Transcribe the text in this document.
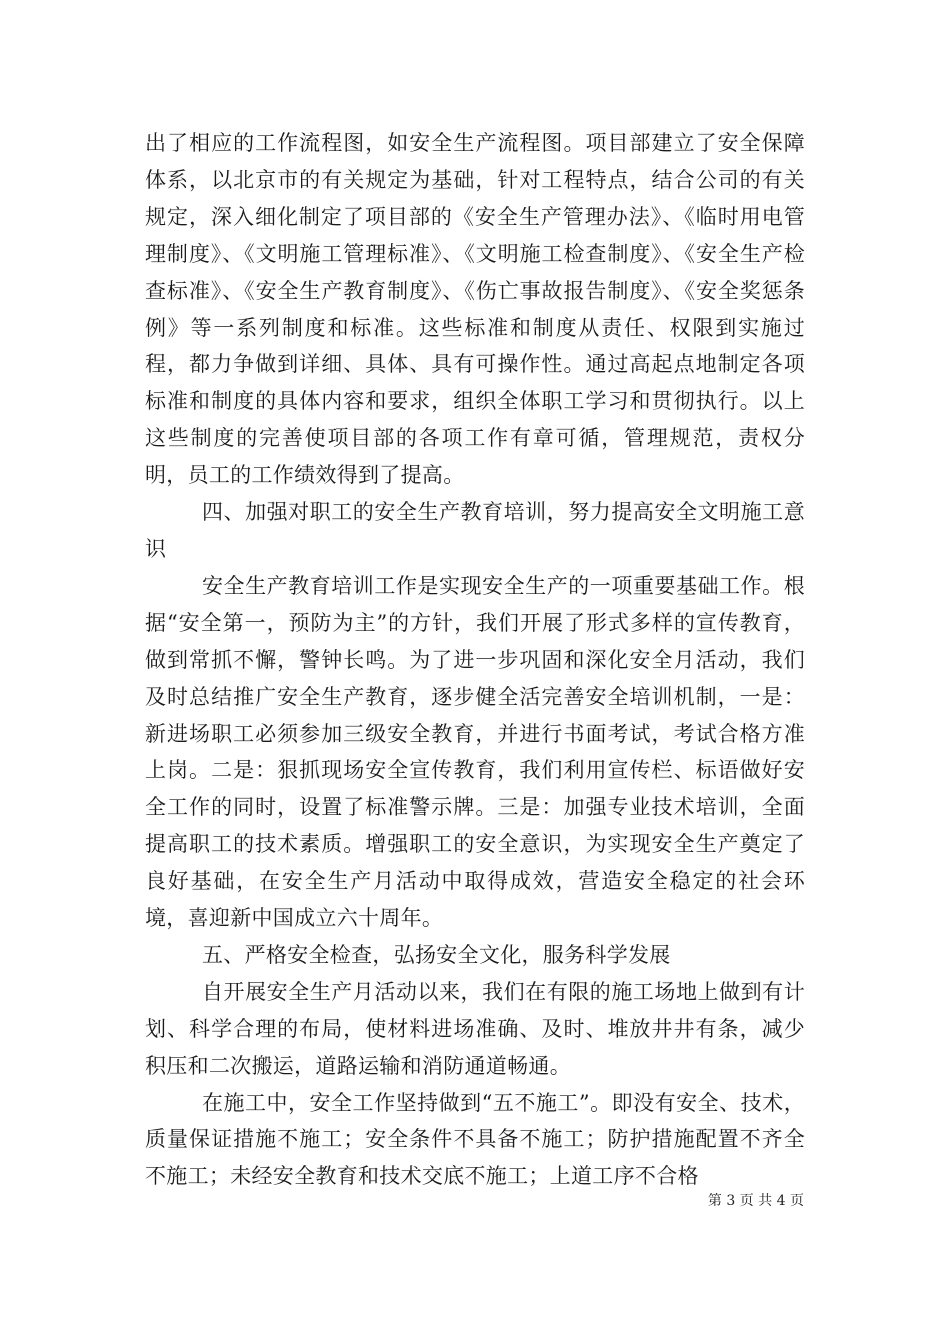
出了相应的工作流程图，如安全生产流程图。项目部建立了安全保障体系，以北京市的有关规定为基础，针对工程特点，结合公司的有关规定，深入细化制定了项目部的《安全生产管理办法》、《临时用电管理制度》、《文明施工管理标准》、《文明施工检查制度》、《安全生产检查标准》、《安全生产教育制度》、《伤亡事故报告制度》、《安全奖惩条例》等一系列制度和标准。这些标准和制度从责任、权限到实施过程，都力争做到详细、具体、具有可操作性。通过高起点地制定各项标准和制度的具体内容和要求，组织全体职工学习和贯彻执行。以上这些制度的完善使项目部的各项工作有章可循，管理规范，责权分明，员工的工作绩效得到了提高。

四、加强对职工的安全生产教育培训，努力提高安全文明施工意识

安全生产教育培训工作是实现安全生产的一项重要基础工作。根据“安全第一，预防为主”的方针，我们开展了形式多样的宣传教育，做到常抓不懈，警钟长鸣。为了进一步巩固和深化安全月活动，我们及时总结推广安全生产教育，逐步健全活完善安全培训机制，一是：新进场职工必须参加三级安全教育，并进行书面考试，考试合格方准上岗。二是：狠抓现场安全宣传教育，我们利用宣传栏、标语做好安全工作的同时，设置了标准警示牌。三是：加强专业技术培训，全面提高职工的技术素质。增强职工的安全意识，为实现安全生产奠定了良好基础，在安全生产月活动中取得成效，营造安全稳定的社会环境，喜迎新中国成立六十周年。

五、严格安全检查，弘扬安全文化，服务科学发展

自开展安全生产月活动以来，我们在有限的施工场地上做到有计划、科学合理的布局，使材料进场准确、及时、堆放井井有条，减少积压和二次搬运，道路运输和消防通道畅通。

在施工中，安全工作坚持做到“五不施工”。即没有安全、技术，质量保证措施不施工；安全条件不具备不施工；防护措施配置不齐全不施工；未经安全教育和技术交底不施工；上道工序不合格

第 3 页 共 4 页
